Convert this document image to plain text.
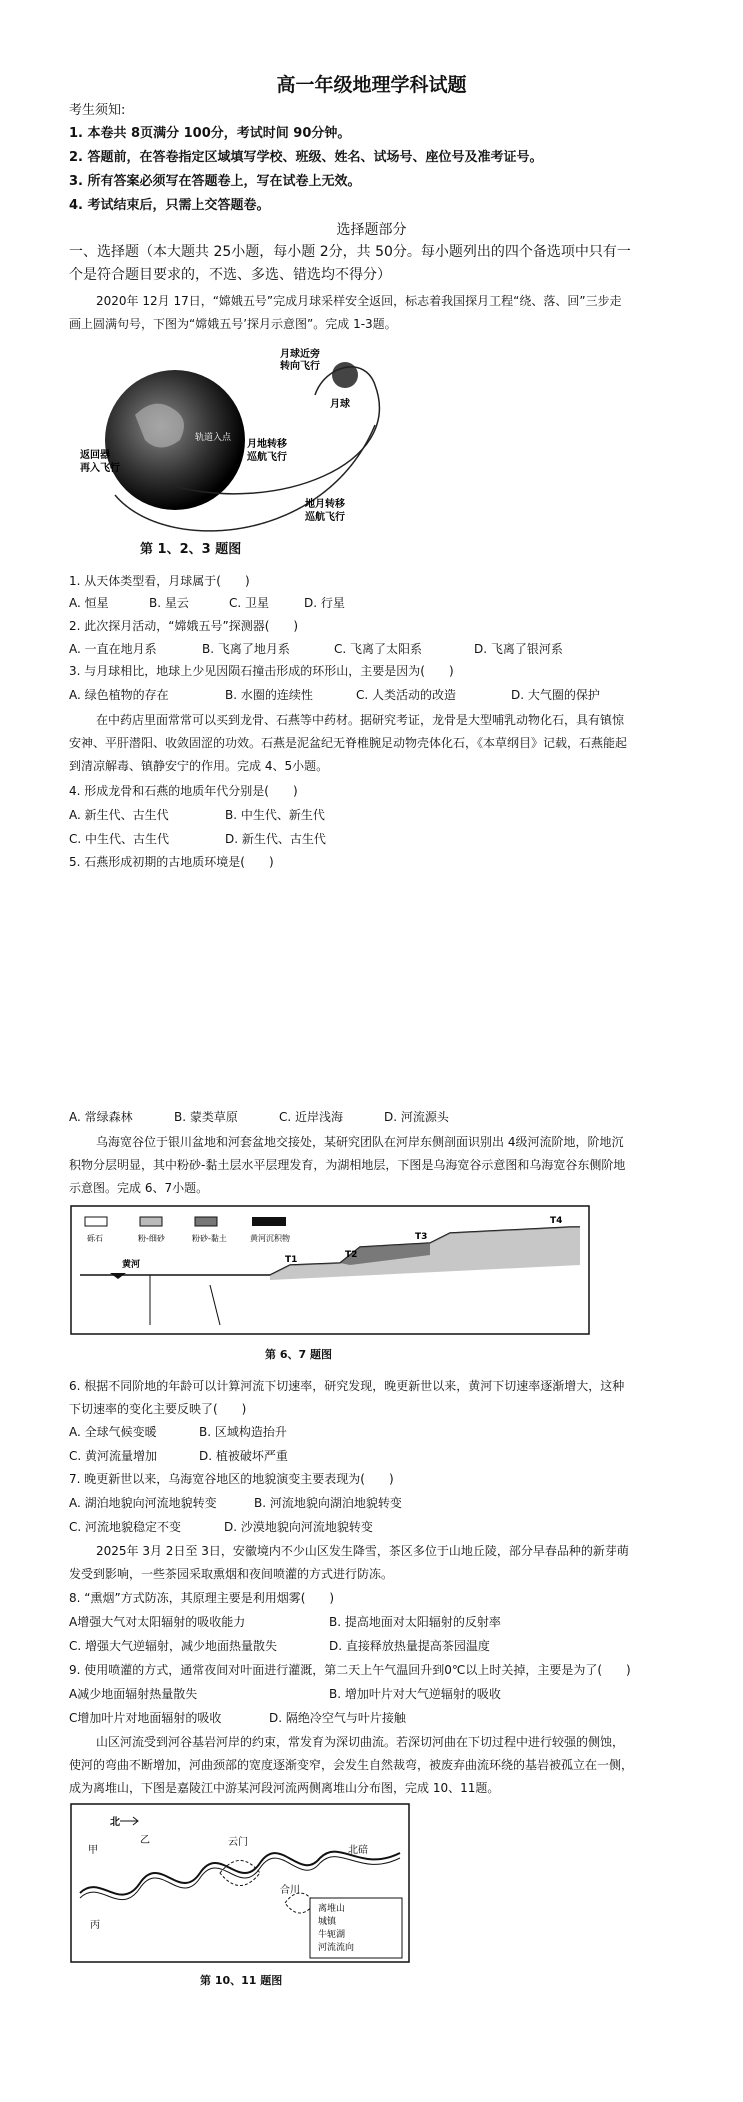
高一年级地理学科试题
考生须知:
1. 本卷共 8页满分 100分，考试时间 90分钟。
2. 答题前，在答卷指定区域填写学校、班级、姓名、试场号、座位号及准考证号。
3. 所有答案必须写在答题卷上，写在试卷上无效。
4. 考试结束后，只需上交答题卷。
选择题部分
一、选择题（本大题共 25小题，每小题 2分，共 50分。每小题列出的四个备选项中只有一
个是符合题目要求的，不选、多选、错选均不得分）
2020年 12月 17日，“嫦娥五号”完成月球采样安全返回，标志着我国探月工程“绕、落、回”三步走
画上圆满句号，下图为“嫦娥五号’探月示意图”。完成 1-3题。
月球近旁
转向飞行
月球
轨道入点
月地转移
巡航飞行
地月转移
巡航飞行
返回器
再入飞行
第 1、2、3 题图
1. 从天体类型看，月球属于(　　)
A. 恒星	B. 星云	C. 卫星	D. 行星
2. 此次探月活动，“嫦娥五号”探测器(　　)
A. 一直在地月系	B. 飞离了地月系	C. 飞离了太阳系	D. 飞离了银河系
3. 与月球相比，地球上少见因陨石撞击形成的环形山，主要是因为(　　)
A. 绿色植物的存在	B. 水圈的连续性	C. 人类活动的改造	D. 大气圈的保护
在中药店里面常常可以买到龙骨、石燕等中药材。据研究考证，龙骨是大型哺乳动物化石，具有镇惊
安神、平肝潜阳、收敛固涩的功效。石燕是泥盆纪无脊椎腕足动物壳体化石，《本草纲目》记载，石燕能起
到清凉解毒、镇静安宁的作用。完成 4、5小题。
4. 形成龙骨和石燕的地质年代分别是(　　)
A. 新生代、古生代	B. 中生代、新生代
C. 中生代、古生代	D. 新生代、古生代
5. 石燕形成初期的古地质环境是(　　)
A. 常绿森林	B. 蒙类草原	C. 近岸浅海	D. 河流源头
乌海宽谷位于银川盆地和河套盆地交接处，某研究团队在河岸东侧剖面识别出 4级河流阶地，阶地沉
积物分层明显，其中粉砂-黏土层水平层理发育，为湖相地层，下图是乌海宽谷示意图和乌海宽谷东侧阶地
示意图。完成 6、7小题。
砾石	粉-细砂	粉砂-黏土	黄河沉积物
黄河	T1	T2
T3
T4
第 6、7 题图
6. 根据不同阶地的年龄可以计算河流下切速率，研究发现，晚更新世以来，黄河下切速率逐渐增大，这种
下切速率的变化主要反映了(　　)
A. 全球气候变暖	B. 区域构造抬升
C. 黄河流量增加	D. 植被破坏严重
7. 晚更新世以来，乌海宽谷地区的地貌演变主要表现为(　　)
A. 湖泊地貌向河流地貌转变	B. 河流地貌向湖泊地貌转变
C. 河流地貌稳定不变	D. 沙漠地貌向河流地貌转变
2025年 3月 2日至 3日，安徽境内不少山区发生降雪，茶区多位于山地丘陵，部分早春品种的新芽萌
发受到影响，一些茶园采取熏烟和夜间喷灌的方式进行防冻。
8. “熏烟”方式防冻，其原理主要是利用烟雾(　　)
A增强大气对太阳辐射的吸收能力	B. 提高地面对太阳辐射的反射率
C. 增强大气逆辐射，减少地面热量散失	D. 直接释放热量提高茶园温度
9. 使用喷灌的方式，通常夜间对叶面进行灌溉，第二天上午气温回升到0℃以上时关掉，主要是为了(　　)
A减少地面辐射热量散失	B. 增加叶片对大气逆辐射的吸收
C增加叶片对地面辐射的吸收	D. 隔绝冷空气与叶片接触
山区河流受到河谷基岩河岸的约束，常发育为深切曲流。若深切河曲在下切过程中进行较强的侧蚀，
使河的弯曲不断增加，河曲颈部的宽度逐渐变窄，会发生自然裁弯，被废弃曲流环绕的基岩被孤立在一侧，
成为离堆山，下图是嘉陵江中游某河段河流两侧离堆山分布图，完成 10、11题。
北
甲
乙	云门
北碚
合川
丙
离堆山
城镇
牛轭湖
河流流向
第 10、11 题图
